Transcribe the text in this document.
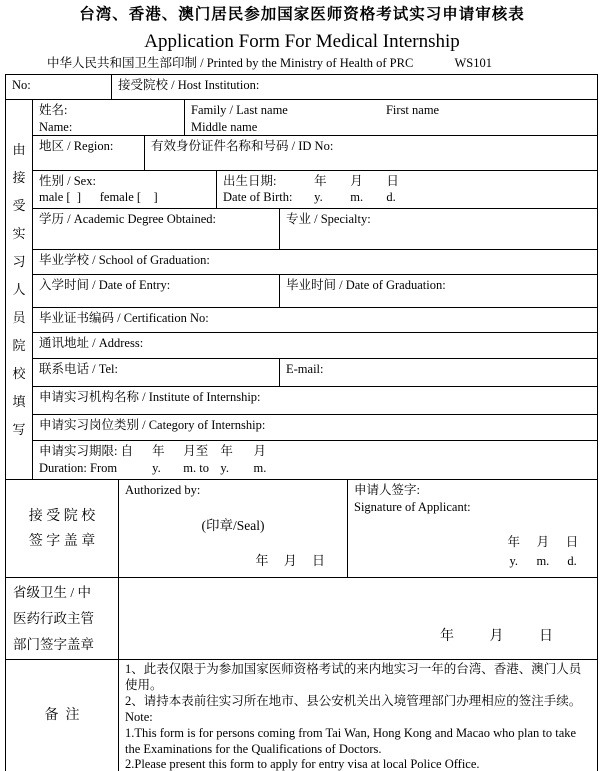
台湾、香港、澳门居民参加国家医师资格考试实习申请审核表
Application Form For Medical Internship
中华人民共和国卫生部印制 / Printed by the Ministry of Health of PRC	WS101
No:	接受院校 / Host Institution:
由
接
受
实
习
人
员
院
校
填
写
姓名:
Name:
Family / Last name	First name
Middle name
地区 / Region:	有效身份证件名称和号码 / ID No:
性别 / Sex:
male [  ]      female [    ]
出生日期:	年 月 日
Date of Birth: y. m. d.
学历 / Academic Degree Obtained:	专业 / Specialty:
毕业学校 / School of Graduation:
入学时间 / Date of Entry:	毕业时间 / Date of Graduation:
毕业证书编码 / Certification No:
通讯地址 / Address:
联系电话 / Tel:	E-mail:
申请实习机构名称 / Institute of Internship:
申请实习岗位类别 / Category of Internship:
申请实习期限: 自 年 月至 年 月
Duration: From	y. m. to y. m.
接 受 院 校
签 字 盖 章
Authorized by:
(印章/Seal)
年 月 日
申请人签字:
Signature of Applicant:
年 月 日
y. m. d.
省级卫生 / 中
医药行政主管
部门签字盖章
年	月	日
备  注
1、此表仅限于为参加国家医师资格考试的来内地实习一年的台湾、香港、澳门人员使用。
2、请持本表前往实习所在地市、县公安机关出入境管理部门办理相应的签注手续。
Note:
1.This form is for persons coming from Tai Wan, Hong Kong and Macao who plan to take the Examinations for the Qualifications of Doctors.
2.Please present this form to apply for entry visa at local Police Office.
